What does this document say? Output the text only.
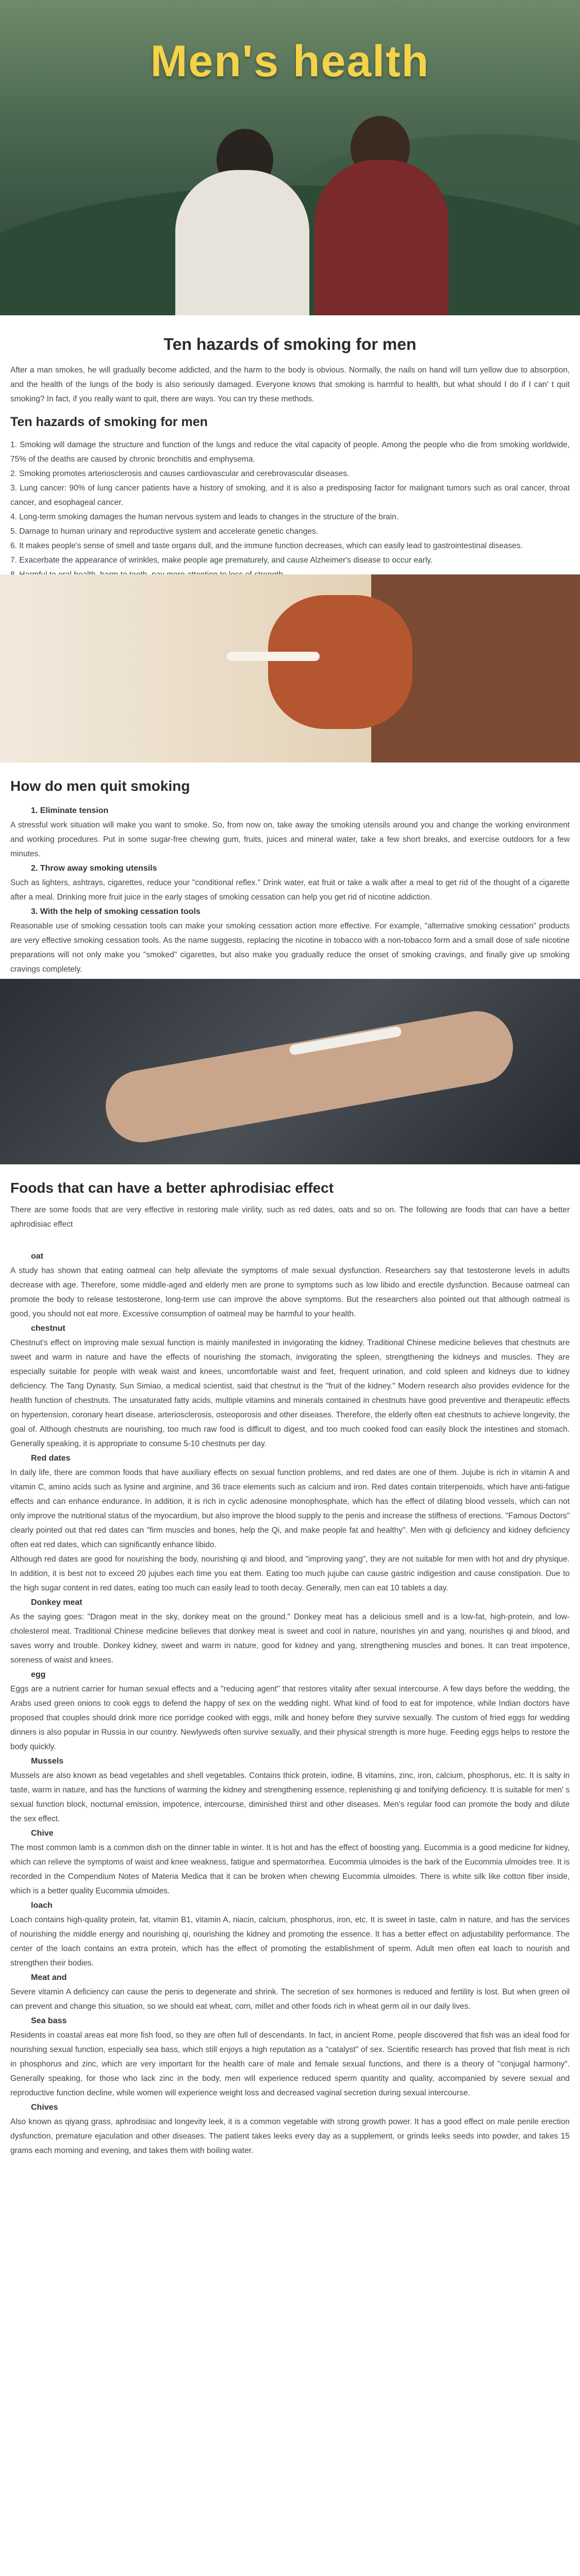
Men's health
Ten hazards of smoking for men

After a man smokes, he will gradually become addicted, and the harm to the body is obvious. Normally, the nails on hand will turn yellow due to absorption, and the health of the lungs of the body is also seriously damaged. Everyone knows that smoking is harmful to health, but what should I do if I can' t quit smoking? In fact, if you really want to quit, there are ways. You can try these methods.

Ten hazards of smoking for men

1. Smoking will damage the structure and function of the lungs and reduce the vital capacity of people. Among the people who die from smoking worldwide, 75% of the deaths are caused by chronic bronchitis and emphysema.

2. Smoking promotes arteriosclerosis and causes cardiovascular and cerebrovascular diseases.

3. Lung cancer: 90% of lung cancer patients have a history of smoking, and it is also a predisposing factor for malignant tumors such as oral cancer, throat cancer, and esophageal cancer.

4. Long-term smoking damages the human nervous system and leads to changes in the structure of the brain.

5. Damage to human urinary and reproductive system and accelerate genetic changes.

6. It makes people's sense of smell and taste organs dull, and the immune function decreases, which can easily lead to gastrointestinal diseases.

7. Exacerbate the appearance of wrinkles, make people age prematurely, and cause Alzheimer's disease to occur early.

How do men quit smoking
1. Eliminate tension

A stressful work situation will make you want to smoke. So, from now on, take away the smoking utensils around you and change the working environment and working procedures. Put in some sugar-free chewing gum, fruits, juices and mineral water, take a few short breaks, and exercise outdoors for a few minutes.

2. Throw away smoking utensils

Such as lighters, ashtrays, cigarettes, reduce your "conditional reflex." Drink water, eat fruit or take a walk after a meal to get rid of the thought of a cigarette after a meal. Drinking more fruit juice in the early stages of smoking cessation can help you get rid of nicotine addiction.

3. With the help of smoking cessation tools

Reasonable use of smoking cessation tools can make your smoking cessation action more effective. For example, "alternative smoking cessation" products are very effective smoking cessation tools. As the name suggests, replacing the nicotine in tobacco with a non-tobacco form and a small dose of safe nicotine preparations will not only make you "smoked" cigarettes, but also make you gradually reduce the onset of smoking cravings, and finally give up smoking cravings completely.

Foods that can have a better aphrodisiac effect

There are some foods that are very effective in restoring male virility, such as red dates, oats and so on. The following are foods that can have a better aphrodisiac effect

oat

A study has shown that eating oatmeal can help alleviate the symptoms of male sexual dysfunction. Researchers say that testosterone levels in adults decrease with age. Therefore, some middle-aged and elderly men are prone to symptoms such as low libido and erectile dysfunction. Because oatmeal can promote the body to release testosterone, long-term use can improve the above symptoms. But the researchers also pointed out that although oatmeal is good, you should not eat more. Excessive consumption of oatmeal may be harmful to your health.

chestnut

Chestnut's effect on improving male sexual function is mainly manifested in invigorating the kidney. Traditional Chinese medicine believes that chestnuts are sweet and warm in nature and have the effects of nourishing the stomach, invigorating the spleen, strengthening the kidneys and muscles. They are especially suitable for people with weak waist and knees, uncomfortable waist and feet, frequent urination, and cold spleen and kidneys due to kidney deficiency. The Tang Dynasty, Sun Simiao, a medical scientist, said that chestnut is the "fruit of the kidney." Modern research also provides evidence for the health function of chestnuts. The unsaturated fatty acids, multiple vitamins and minerals contained in chestnuts have good preventive and therapeutic effects on hypertension, coronary heart disease, arteriosclerosis, osteoporosis and other diseases. Therefore, the elderly often eat chestnuts to achieve longevity, the goal of. Although chestnuts are nourishing, too much raw food is difficult to digest, and too much cooked food can easily block the intestines and stomach. Generally speaking, it is appropriate to consume 5-10 chestnuts per day.

Red dates

In daily life, there are common foods that have auxiliary effects on sexual function problems, and red dates are one of them. Jujube is rich in vitamin A and vitamin C, amino acids such as lysine and arginine, and 36 trace elements such as calcium and iron. Red dates contain triterpenoids, which have anti-fatigue effects and can enhance endurance. In addition, it is rich in cyclic adenosine monophosphate, which has the effect of dilating blood vessels, which can not only improve the nutritional status of the myocardium, but also improve the blood supply to the penis and increase the stiffness of erections. "Famous Doctors" clearly pointed out that red dates can "firm muscles and bones, help the Qi, and make people fat and healthy". Men with qi deficiency and kidney deficiency often eat red dates, which can significantly enhance libido.
Although red dates are good for nourishing the body, nourishing qi and blood, and "improving yang", they are not suitable for men with hot and dry physique. In addition, it is best not to exceed 20 jujubes each time you eat them. Eating too much jujube can cause gastric indigestion and cause constipation. Due to the high sugar content in red dates, eating too much can easily lead to tooth decay. Generally, men can eat 10 tablets a day.

Donkey meat

As the saying goes: "Dragon meat in the sky, donkey meat on the ground." Donkey meat has a delicious smell and is a low-fat, high-protein, and low-cholesterol meat. Traditional Chinese medicine believes that donkey meat is sweet and cool in nature, nourishes yin and yang, nourishes qi and blood, and saves worry and trouble. Donkey kidney, sweet and warm in nature, good for kidney and yang, strengthening muscles and bones. It can treat impotence, soreness of waist and knees.

egg

Eggs are a nutrient carrier for human sexual effects and a "reducing agent" that restores vitality after sexual intercourse. A few days before the wedding, the Arabs used green onions to cook eggs to defend the happy of sex on the wedding night. What kind of food to eat for impotence, while Indian doctors have proposed that couples should drink more rice porridge cooked with eggs, milk and honey before they survive sexually. The custom of fried eggs for wedding dinners is also popular in Russia in our country. Newlyweds often survive sexually, and their physical strength is more huge. Feeding eggs helps to restore the body quickly.

Mussels

Mussels are also known as bead vegetables and shell vegetables. Contains thick protein, iodine, B vitamins, zinc, iron, calcium, phosphorus, etc. It is salty in taste, warm in nature, and has the functions of warming the kidney and strengthening essence, replenishing qi and tonifying deficiency. It is suitable for men' s sexual function block, nocturnal emission, impotence, intercourse, diminished thirst and other diseases. Men's regular food can promote the body and dilute the sex effect.

Chive

The most common lamb is a common dish on the dinner table in winter. It is hot and has the effect of boosting yang. Eucommia is a good medicine for kidney, which can relieve the symptoms of waist and knee weakness, fatigue and spermatorrhea. Eucommia ulmoides is the bark of the Eucommia ulmoides tree. It is recorded in the Compendium Notes of Materia Medica that it can be broken when chewing Eucommia ulmoides. There is white silk like cotton fiber inside, which is a better quality Eucommia ulmoides.

loach

Loach contains high-quality protein, fat, vitamin B1, vitamin A, niacin, calcium, phosphorus, iron, etc. It is sweet in taste, calm in nature, and has the services of nourishing the middle energy and nourishing qi, nourishing the kidney and promoting the essence. It has a better effect on adjustability performance. The center of the loach contains an extra protein, which has the effect of promoting the establishment of sperm. Adult men often eat loach to nourish and strengthen their bodies.

Meat and

Severe vitamin A deficiency can cause the penis to degenerate and shrink. The secretion of sex hormones is reduced and fertility is lost. But when green oil can prevent and change this situation, so we should eat wheat, corn, millet and other foods rich in wheat germ oil in our daily lives.

Sea bass

Residents in coastal areas eat more fish food, so they are often full of descendants. In fact, in ancient Rome, people discovered that fish was an ideal food for nourishing sexual function, especially sea bass, which still enjoys a high reputation as a "catalyst" of sex. Scientific research has proved that fish meat is rich in phosphorus and zinc, which are very important for the health care of male and female sexual functions, and there is a theory of "conjugal harmony". Generally speaking, for those who lack zinc in the body, men will experience reduced sperm quantity and quality, accompanied by severe sexual and reproductive function decline, while women will experience weight loss and decreased vaginal secretion during sexual intercourse.

Chives

Also known as qiyang grass, aphrodisiac and longevity leek, it is a common vegetable with strong growth power. It has a good effect on male penile erection dysfunction, premature ejaculation and other diseases. The patient takes leeks every day as a supplement, or grinds leeks seeds into powder, and takes 15 grams each morning and evening, and takes them with boiling water.
